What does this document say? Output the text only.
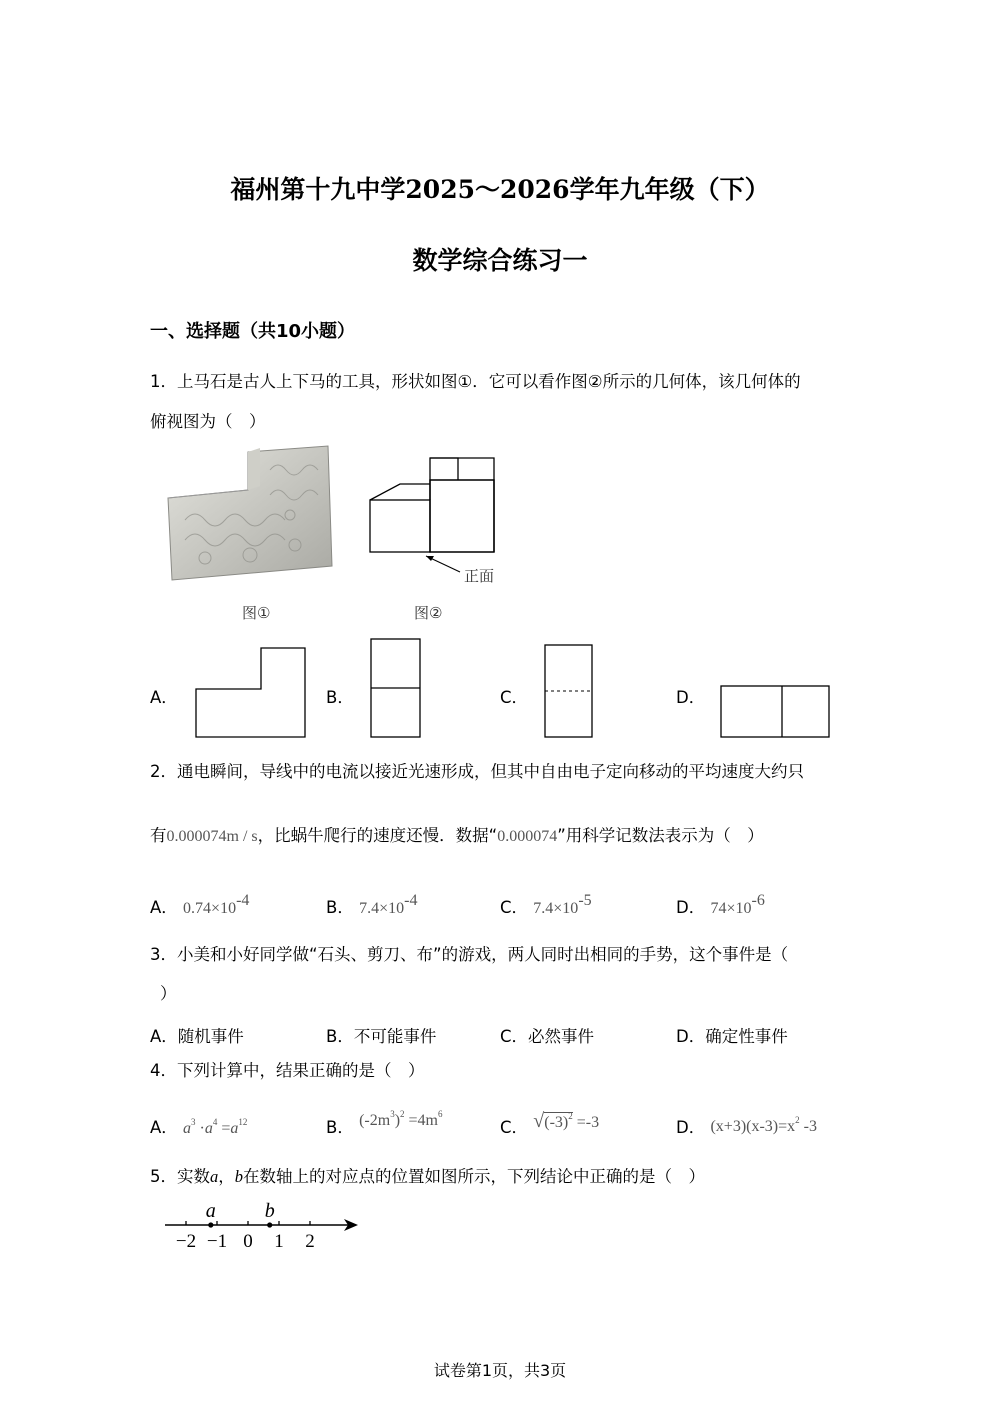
福州第十九中学2025～2026学年九年级（下）
数学综合练习一
一、选择题（共10小题）
1．上马石是古人上下马的工具，形状如图①．它可以看作图②所示的几何体，该几何体的
俯视图为（　）
图①
正面
图②
A．	B．	C．	D．
2．通电瞬间，导线中的电流以接近光速形成，但其中自由电子定向移动的平均速度大约只
有0.000074m / s，比蜗牛爬行的速度还慢．数据“0.000074”用科学记数法表示为（　）
A． $0.74\times 10^{-4}$	B． $7.4\times 10^{-4}$	C． $7.4\times 10^{-5}$	D． $74\times 10^{-6}$
3．小美和小好同学做“石头、剪刀、布”的游戏，两人同时出相同的手势，这个事件是（
）
A．随机事件	B．不可能事件	C．必然事件	D．确定性事件
4．下列计算中，结果正确的是（　）
A． $a^3 \cdot a^4 =a^{12}$	B． $(-2m^3)^2 =4m^6$
C． $√(-3)^2 =-3$	D． $(x+3)(x-3)=x^2$ -3
5．实数a，b在数轴上的对应点的位置如图所示，下列结论中正确的是（　）
−2 −1 0 1 2
a b
试卷第1页，共3页
